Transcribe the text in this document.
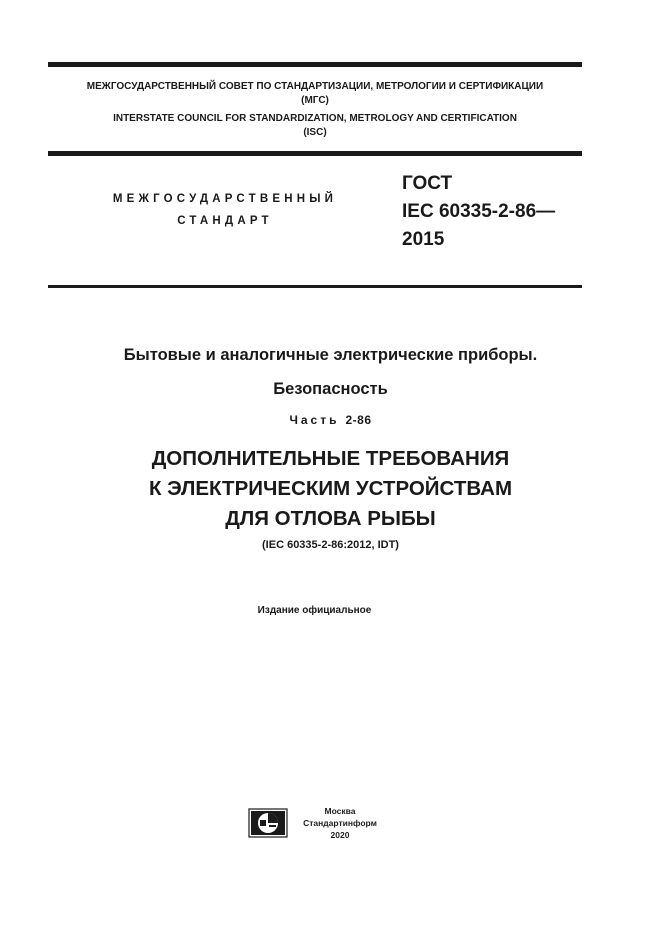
МЕЖГОСУДАРСТВЕННЫЙ СОВЕТ ПО СТАНДАРТИЗАЦИИ, МЕТРОЛОГИИ И СЕРТИФИКАЦИИ
(МГС)
INTERSTATE COUNCIL FOR STANDARDIZATION, METROLOGY AND CERTIFICATION
(ISC)
МЕЖГОСУДАРСТВЕННЫЙ
СТАНДАРТ
ГОСТ
IEC 60335-2-86—
2015
Бытовые и аналогичные электрические приборы.
Безопасность
Часть 2-86
ДОПОЛНИТЕЛЬНЫЕ ТРЕБОВАНИЯ
К ЭЛЕКТРИЧЕСКИМ УСТРОЙСТВАМ
ДЛЯ ОТЛОВА РЫБЫ
(IEC 60335-2-86:2012, IDT)
Издание официальное
Москва
Стандартинформ
2020
